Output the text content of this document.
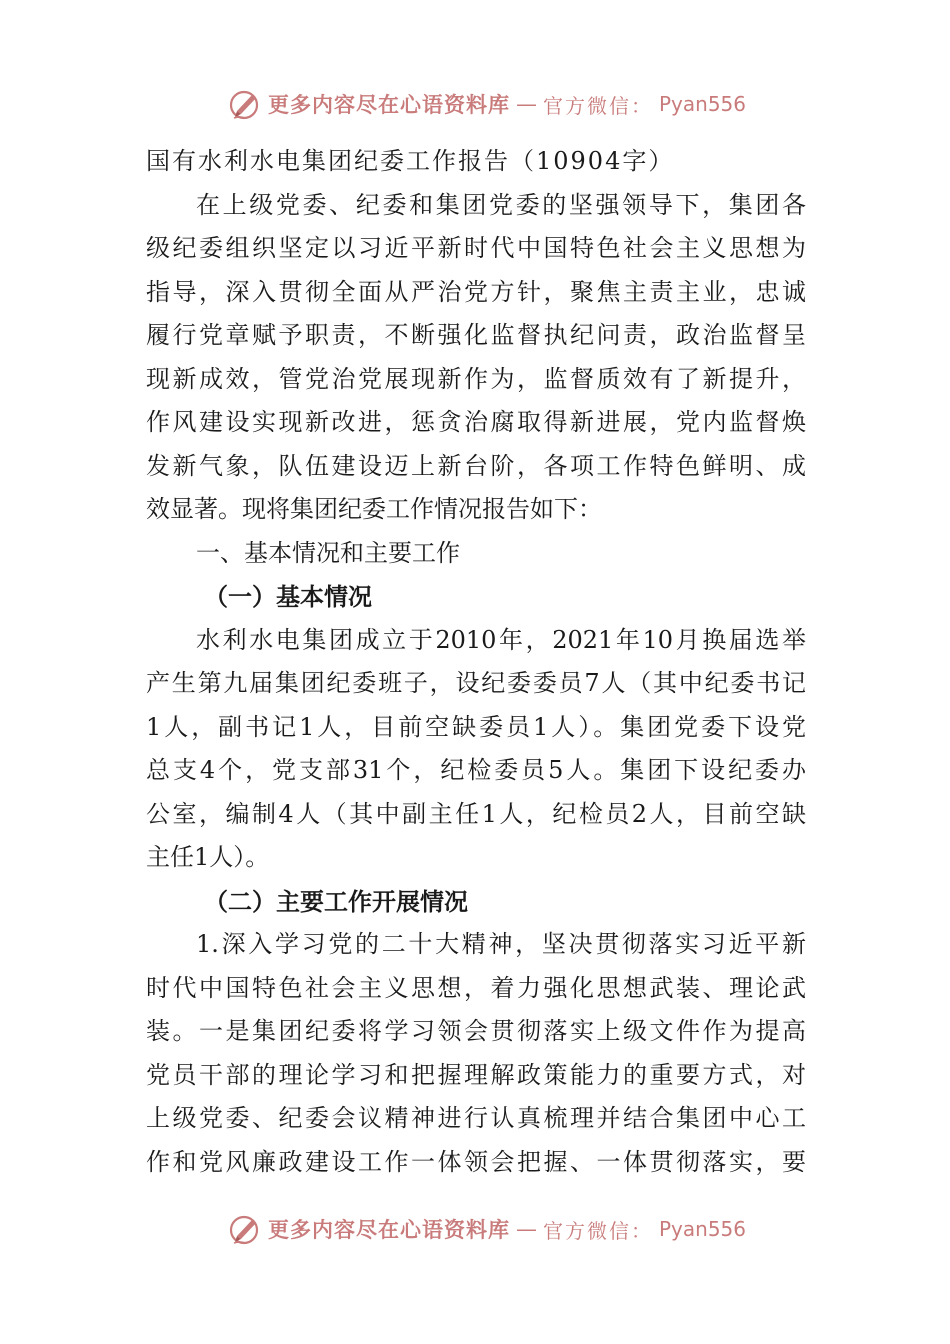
更多内容尽在心语资料库 — 官方微信： Pyan556
国有水利水电集团纪委工作报告（10904字）
在上级党委、纪委和集团党委的坚强领导下，集团各
级纪委组织坚定以习近平新时代中国特色社会主义思想为
指导，深入贯彻全面从严治党方针，聚焦主责主业，忠诚
履行党章赋予职责，不断强化监督执纪问责，政治监督呈
现新成效，管党治党展现新作为，监督质效有了新提升，
作风建设实现新改进，惩贪治腐取得新进展，党内监督焕
发新气象，队伍建设迈上新台阶，各项工作特色鲜明、成
效显著。现将集团纪委工作情况报告如下：
一、基本情况和主要工作
（一）基本情况
水利水电集团成立于2010年，2021年10月换届选举
产生第九届集团纪委班子，设纪委委员7人（其中纪委书记
1人，副书记1人，目前空缺委员1人）。集团党委下设党
总支4个，党支部31个，纪检委员5人。集团下设纪委办
公室，编制4人（其中副主任1人，纪检员2人，目前空缺
主任1人）。
（二）主要工作开展情况
1.深入学习党的二十大精神，坚决贯彻落实习近平新
时代中国特色社会主义思想，着力强化思想武装、理论武
装。一是集团纪委将学习领会贯彻落实上级文件作为提高
党员干部的理论学习和把握理解政策能力的重要方式，对
上级党委、纪委会议精神进行认真梳理并结合集团中心工
作和党风廉政建设工作一体领会把握、一体贯彻落实，要
更多内容尽在心语资料库 — 官方微信： Pyan556
